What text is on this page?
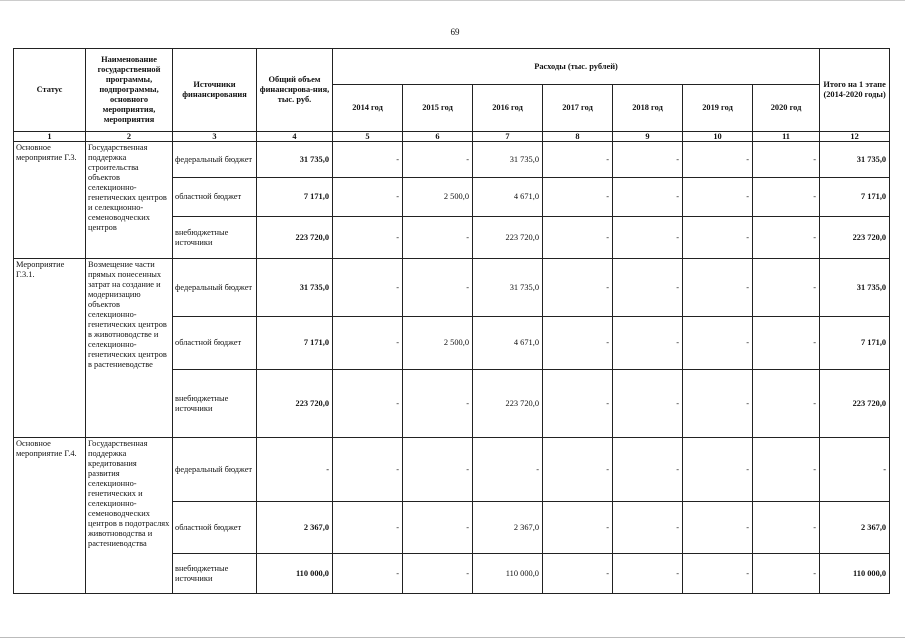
69
Статус	Наименование государственной программы, подпрограммы, основного мероприятия, мероприятия	Источники финансирования	Общий объем финансирова-ния, тыс. руб.	Расходы (тыс. рублей)							Итого на 1 этапе (2014-2020 годы)
				2014 год	2015 год	2016 год	2017 год	2018 год	2019 год	2020 год	
1	2	3	4	5	6	7	8	9	10	11	12
Основное мероприятие Г.3.	Государственная поддержка строительства объектов селекционно-генетических центров и селекционно-семеноводческих центров	федеральный бюджет	31 735,0	-	-	31 735,0	-	-	-	-	31 735,0
		областной бюджет	7 171,0	-	2 500,0	4 671,0	-	-	-	-	7 171,0
		внебюджетные источники	223 720,0	-	-	223 720,0	-	-	-	-	223 720,0
Мероприятие Г.3.1.	Возмещение части прямых понесенных затрат на создание и модернизацию объектов селекционно-генетических центров в животноводстве и селекционно-генетических центров в растениеводстве	федеральный бюджет	31 735,0	-	-	31 735,0	-	-	-	-	31 735,0
		областной бюджет	7 171,0	-	2 500,0	4 671,0	-	-	-	-	7 171,0
		внебюджетные источники	223 720,0	-	-	223 720,0	-	-	-	-	223 720,0
Основное мероприятие Г.4.	Государственная поддержка кредитования развития селекционно-генетических и селекционно-семеноводческих центров в подотраслях животноводства и растениеводства	федеральный бюджет	-	-	-	-	-	-	-	-	-
		областной бюджет	2 367,0	-	-	2 367,0	-	-	-	-	2 367,0
		внебюджетные источники	110 000,0	-	-	110 000,0	-	-	-	-	110 000,0
